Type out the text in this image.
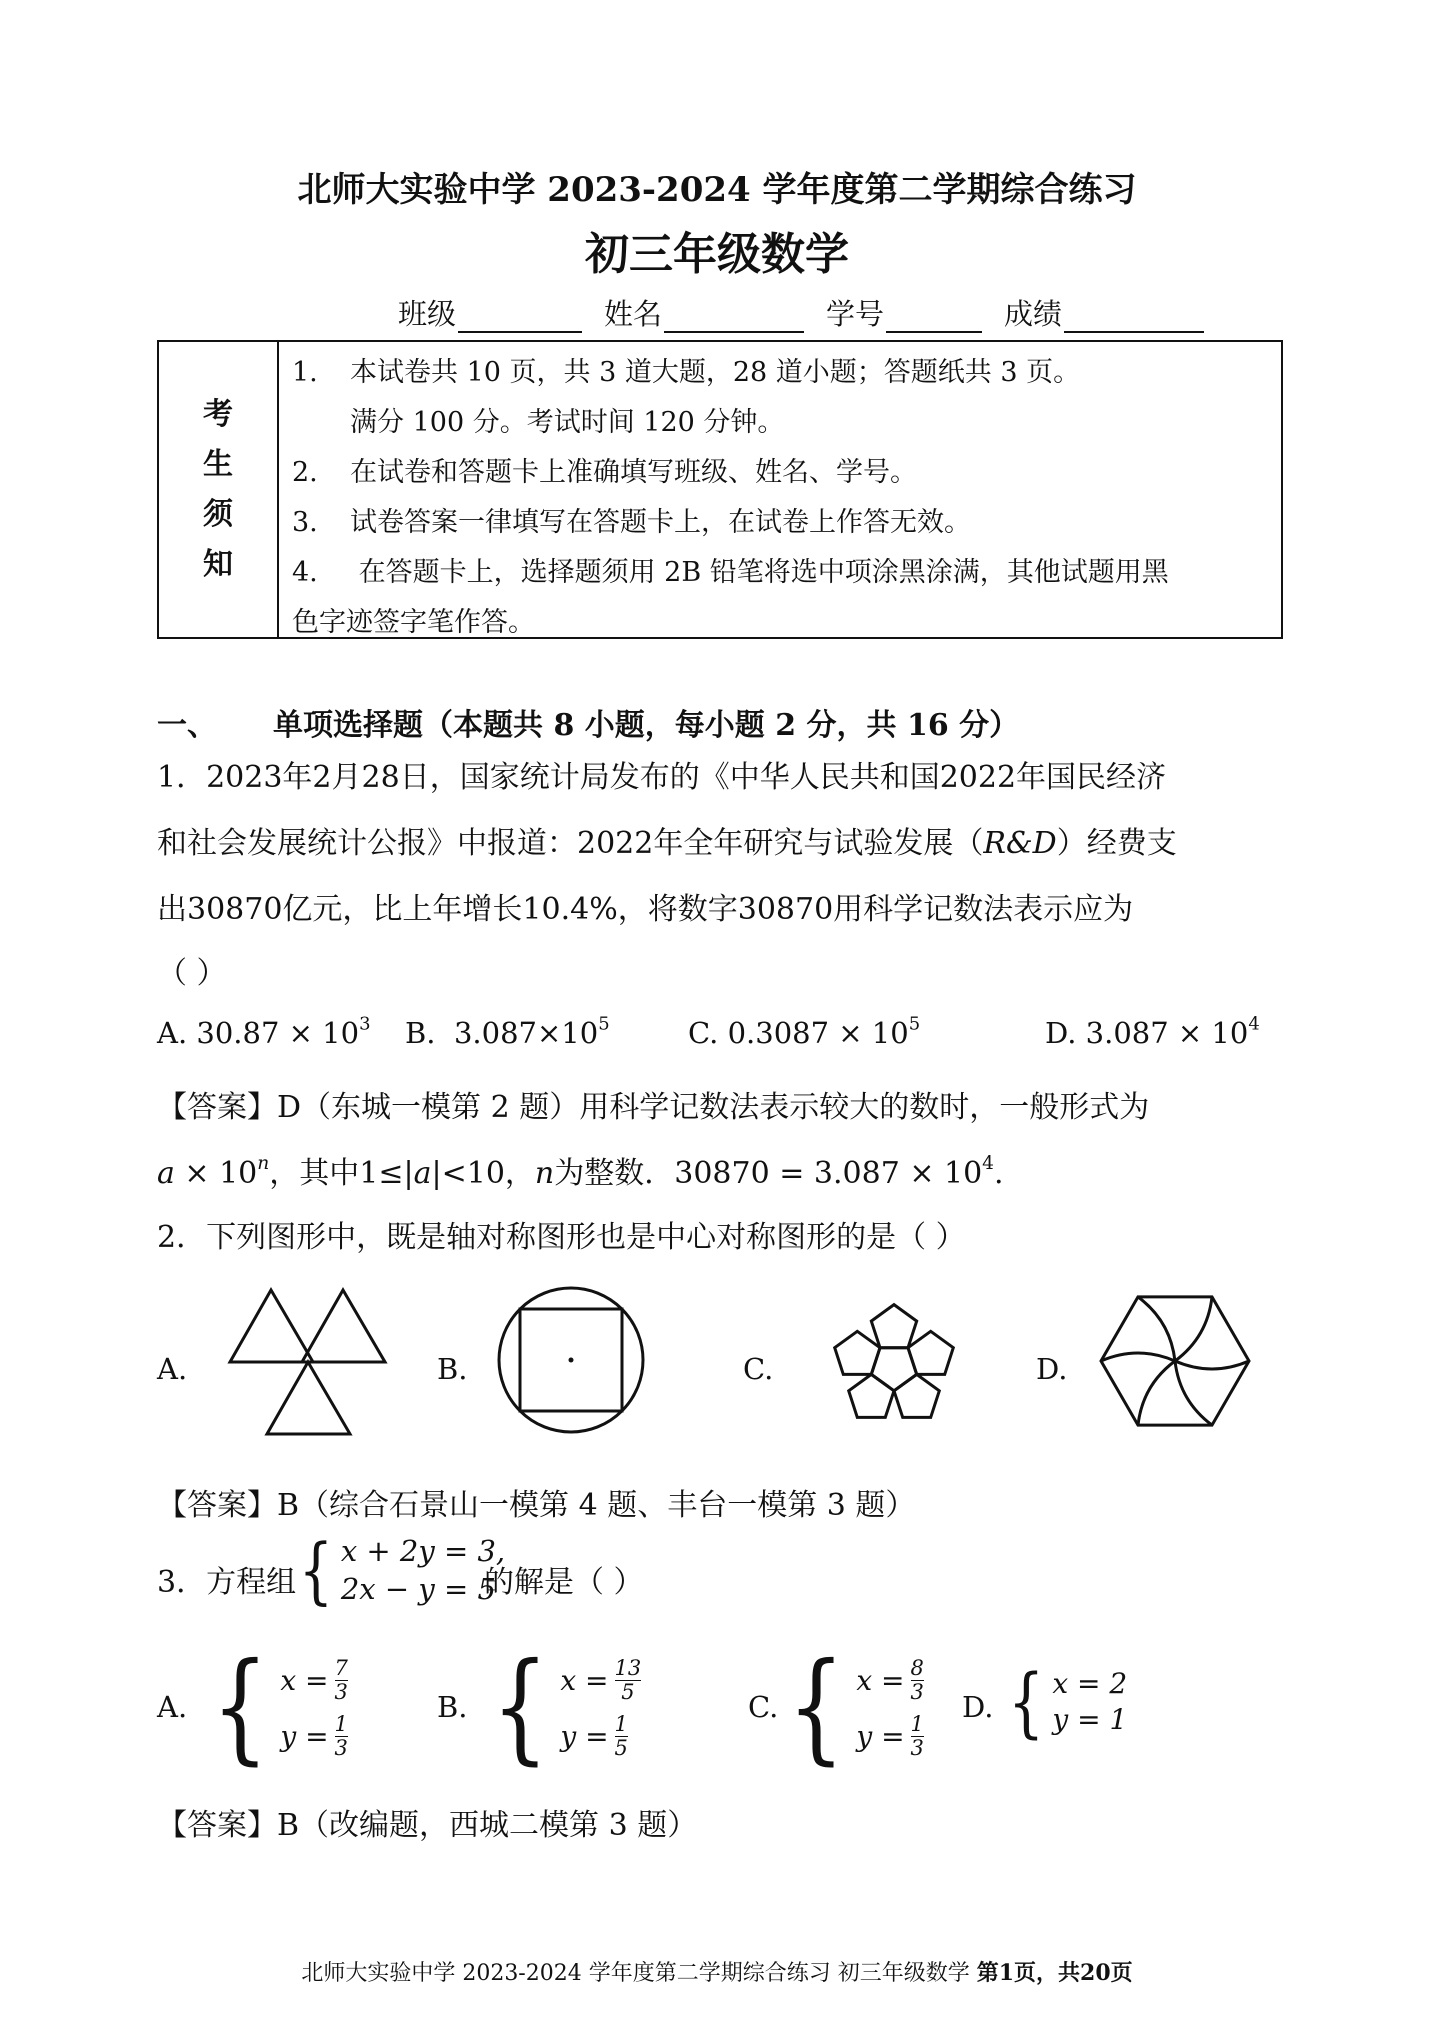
北师大实验中学 2023-2024 学年度第二学期综合练习
初三年级数学
班级	姓名	学号	成绩
考
生
须
知
1. 本试卷共 10 页，共 3 道大题，28 道小题；答题纸共 3 页。
满分 100 分。考试时间 120 分钟。
2. 在试卷和答题卡上准确填写班级、姓名、学号。
3. 试卷答案一律填写在答题卡上，在试卷上作答无效。
4. 在答题卡上，选择题须用 2B 铅笔将选中项涂黑涂满，其他试题用黑
色字迹签字笔作答。
一、 单项选择题（本题共 8 小题，每小题 2 分，共 16 分）
1．2023年2月28日，国家统计局发布的《中华人民共和国2022年国民经济
和社会发展统计公报》中报道：2022年全年研究与试验发展（R&D）经费支
出30870亿元，比上年增长10.4%，将数字30870用科学记数法表示应为
（ ）
A. $30.87 \times 10^3$ B. $3.087\times 10^5$	C. $0.3087 \times 10^5$	D. $3.087 \times 10^4$
【答案】D（东城一模第 2 题）用科学记数法表示较大的数时，一般形式为
$a \times 10^n$，其中1≤|a|<10，n为整数．$30870 = 3.087 \times 10^4$.
2．下列图形中，既是轴对称图形也是中心对称图形的是（ ）
A.	B.	C.	D.
【答案】B（综合石景山一模第 4 题、丰台一模第 3 题）
3．方程组 { x + 2y = 3,
2x − y = 5
的解是（ ）
A. { $x = \frac{7}{3}$
$y = \frac{1}{3}$
B. { $x = \frac{13}{5}$
$y = \frac{1}{5}$
C. { $x = \frac{8}{3}$
$y = \frac{1}{3}$
D. { x = 2
y = 1
【答案】B（改编题，西城二模第 3 题）
北师大实验中学 2023-2024 学年度第二学期综合练习 初三年级数学 第1页，共20页
